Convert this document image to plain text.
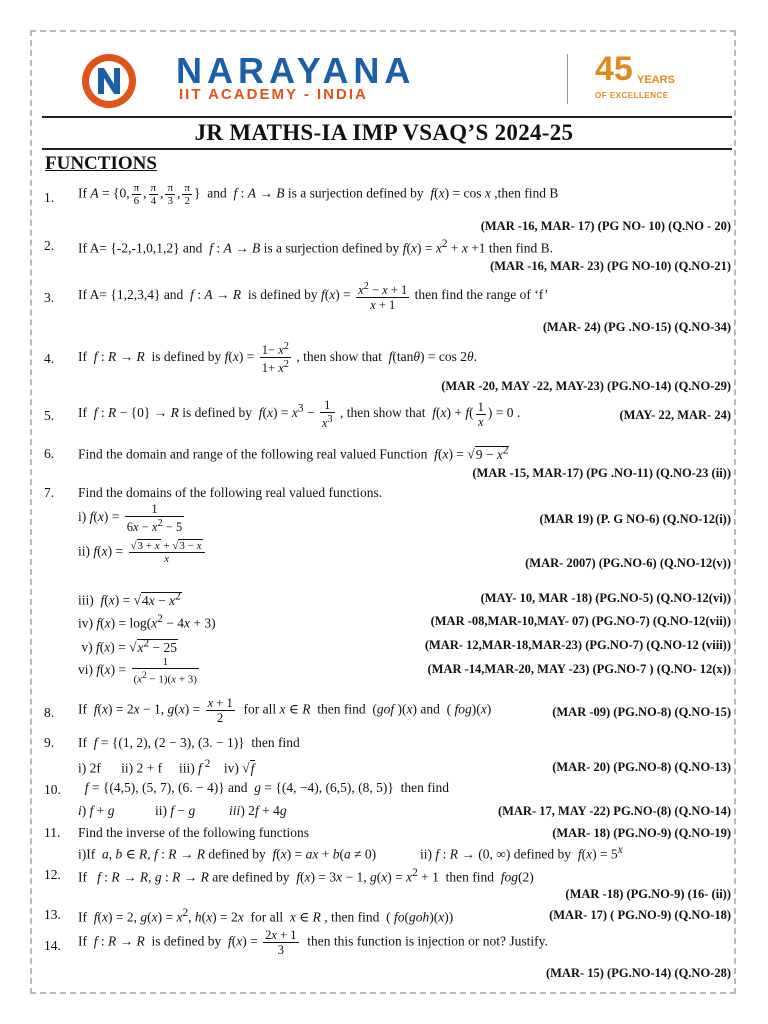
NARAYANA
IIT ACADEMY - INDIA
45 YEARS
OF EXCELLENCE
JR MATHS-IA IMP VSAQ’S 2024-25
FUNCTIONS
1. If A = {0, $\frac{\pi}{6}$ , $\frac{\pi}{4}$ , $\frac{\pi}{3}$ , $\frac{\pi}{2}$ }  and  f : A → B is a surjection defined by  f(x) = cos x ,then find B
(MAR -16, MAR- 17) (PG NO- 10) (Q.NO - 20)
2. If A= {-2,-1,0,1,2} and  f : A → B is a surjection defined by $f(x) = x^2 + x +1$ then find B.
(MAR -16, MAR- 23) (PG NO-10) (Q.NO-21)
3. If A= {1,2,3,4} and  f : A → R  is defined by $f(x) = \frac{x^2 - x + 1}{x + 1}$ then find the range of ‘f’
(MAR- 24) (PG .NO-15) (Q.NO-34)
4. If  f : R → R  is defined by $f(x) = \frac{1- x^2}{1+ x^2}$ , then show that  f(tanθ) = cos 2θ.
(MAR -20, MAY -22, MAY-23) (PG.NO-14) (Q.NO-29)
5. If  f : R − {0} → R is defined by  $f(x) = x^3 - \frac{1}{x^3}$ , then show that  $f(x) + f( \frac{1}{x}$ ) = 0 .	(MAY- 22, MAR- 24)
6. Find the domain and range of the following real valued Function  $f(x) = √9 - x^2$
(MAR -15, MAR-17) (PG .NO-11) (Q.NO-23 (ii))
7. Find the domains of the following real valued functions.
i) $f(x) = \frac{1}{6x - x^2 - 5}$	(MAR 19) (P. G NO-6) (Q.NO-12(i))
ii) $f(x) = \frac{√3 + x + √3 - x}{x}$	(MAR- 2007) (PG.NO-6) (Q.NO-12(v))
iii) $f(x) = √4x - x^2$	(MAY- 10, MAR -18) (PG.NO-5) (Q.NO-12(vi))
iv) $f(x) = \log(x^2 - 4x + 3)$	(MAR -08,MAR-10,MAY- 07) (PG.NO-7) (Q.NO-12(vii))
v) $f(x) = √x^2 - 25$	(MAR- 12,MAR-18,MAR-23) (PG.NO-7) (Q.NO-12 (viii))
vi) $f(x) = \frac{1}{(x^2 - 1)(x + 3)}$	(MAR -14,MAR-20, MAY -23) (PG.NO-7 ) (Q.NO- 12(x))
8. If  f(x) = 2x − 1, $g(x) = \frac{x + 1}{2}$ for all x ∈ R  then find  (gof )(x) and  ( fog)(x)	(MAR -09) (PG.NO-8) (Q.NO-15)
9. If  f = {(1, 2), (2 − 3), (3. − 1)}  then find
i) 2f      ii) 2 + f     iii) f $^2$    iv) √f	(MAR- 20) (PG.NO-8) (Q.NO-13)
10.	f = {(4,5), (5, 7), (6. − 4)} and  g = {(4, −4), (6,5), (8, 5)}  then find
i) f + g            ii) f − g	iii) 2f + 4g	(MAR- 17, MAY -22) PG.NO-(8) (Q.NO-14)
11. Find the inverse of the following functions	(MAR- 18) (PG.NO-9) (Q.NO-19)
i)If  a, b ∈ R, f : R → R defined by  f(x) = ax + b(a ≠ 0)             ii) f : R → (0, ∞) defined by  $f(x) = 5^x$
12. If   f : R → R, g : R → R are defined by  f(x) = 3x − 1, $g(x) = x^2 + 1$  then find  fog(2)
(MAR -18) (PG.NO-9) (16- (ii))
13. If  f(x) = 2, $g(x) = x^2$, h(x) = 2x  for all  x ∈ R , then find  ( fo(goh)(x))	(MAR- 17) ( PG.NO-9) (Q.NO-18)
14. If  f : R → R  is defined by  $f(x) = \frac{2x + 1}{3}$ then this function is injection or not? Justify.
(MAR- 15) (PG.NO-14) (Q.NO-28)
